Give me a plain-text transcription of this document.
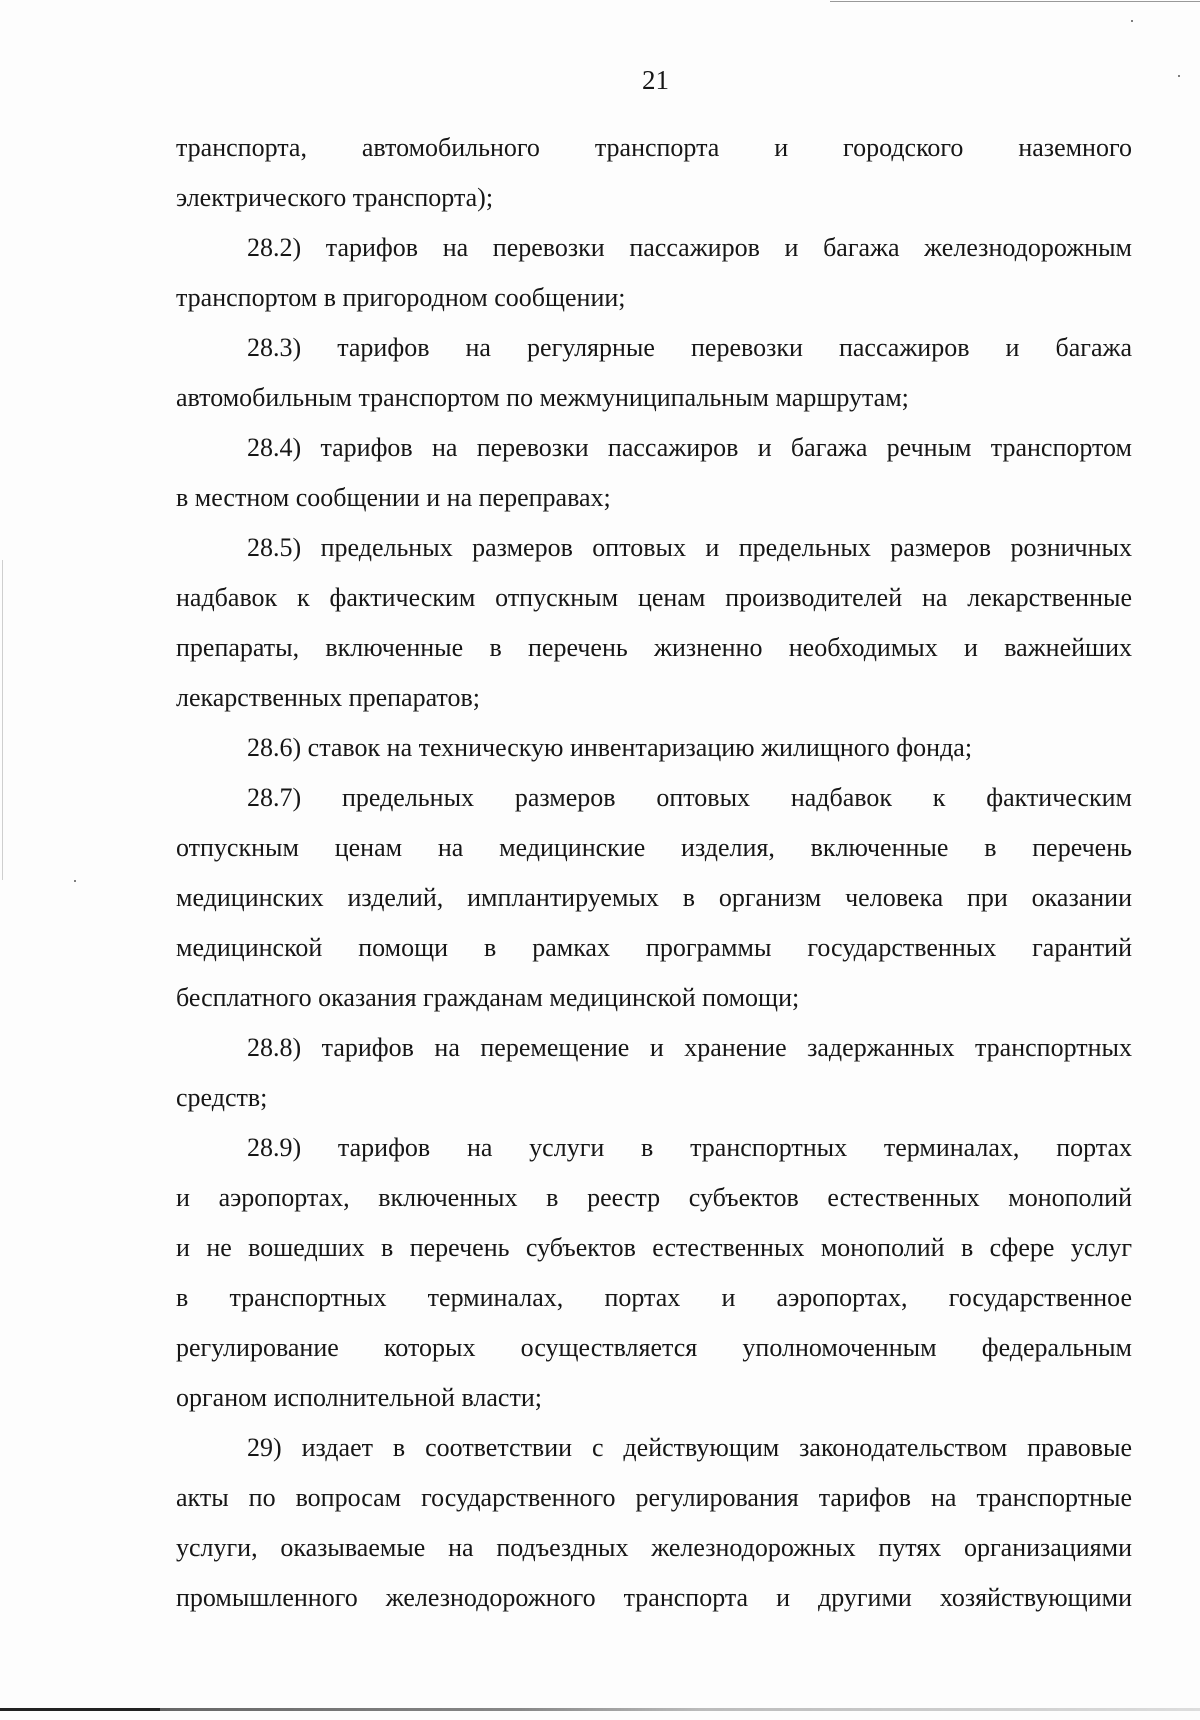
21
транспорта, автомобильного транспорта и городского наземного
электрического транспорта);
28.2) тарифов на перевозки пассажиров и багажа железнодорожным
транспортом в пригородном сообщении;
28.3) тарифов на регулярные перевозки пассажиров и багажа
автомобильным транспортом по межмуниципальным маршрутам;
28.4) тарифов на перевозки пассажиров и багажа речным транспортом
в местном сообщении и на переправах;
28.5) предельных размеров оптовых и предельных размеров розничных
надбавок к фактическим отпускным ценам производителей на лекарственные
препараты, включенные в перечень жизненно необходимых и важнейших
лекарственных препаратов;
28.6) ставок на техническую инвентаризацию жилищного фонда;
28.7) предельных размеров оптовых надбавок к фактическим
отпускным ценам на медицинские изделия, включенные в перечень
медицинских изделий, имплантируемых в организм человека при оказании
медицинской помощи в рамках программы государственных гарантий
бесплатного оказания гражданам медицинской помощи;
28.8) тарифов на перемещение и хранение задержанных транспортных
средств;
28.9) тарифов на услуги в транспортных терминалах, портах
и аэропортах, включенных в реестр субъектов естественных монополий
и не вошедших в перечень субъектов естественных монополий в сфере услуг
в транспортных терминалах, портах и аэропортах, государственное
регулирование которых осуществляется уполномоченным федеральным
органом исполнительной власти;
29) издает в соответствии с действующим законодательством правовые
акты по вопросам государственного регулирования тарифов на транспортные
услуги, оказываемые на подъездных железнодорожных путях организациями
промышленного железнодорожного транспорта и другими хозяйствующими
